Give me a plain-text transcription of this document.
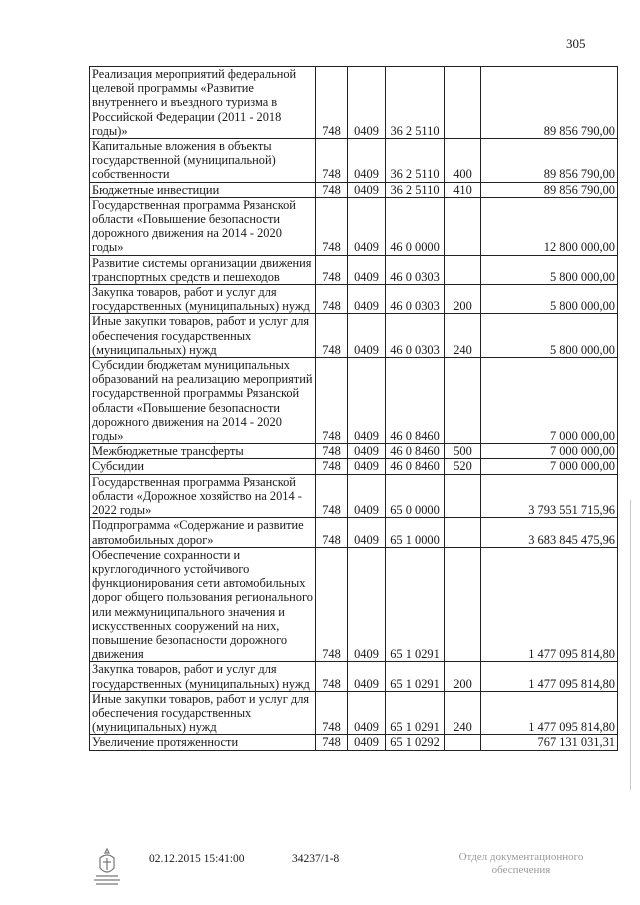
305
Реализация мероприятий федеральной целевой программы «Развитие внутреннего и въездного туризма в Российской Федерации (2011 - 2018 годы)»	748	0409	36 2 5110		89 856 790,00
Капитальные вложения в объекты государственной (муниципальной) собственности	748	0409	36 2 5110	400	89 856 790,00
Бюджетные инвестиции	748	0409	36 2 5110	410	89 856 790,00
Государственная программа Рязанской области «Повышение безопасности дорожного движения на 2014 - 2020 годы»	748	0409	46 0 0000		12 800 000,00
Развитие системы организации движения транспортных средств и пешеходов	748	0409	46 0 0303		5 800 000,00
Закупка товаров, работ и услуг для государственных (муниципальных) нужд	748	0409	46 0 0303	200	5 800 000,00
Иные закупки товаров, работ и услуг для обеспечения государственных (муниципальных) нужд	748	0409	46 0 0303	240	5 800 000,00
Субсидии бюджетам муниципальных образований на реализацию мероприятий государственной программы Рязанской области «Повышение безопасности дорожного движения на 2014 - 2020 годы»	748	0409	46 0 8460		7 000 000,00
Межбюджетные трансферты	748	0409	46 0 8460	500	7 000 000,00
Субсидии	748	0409	46 0 8460	520	7 000 000,00
Государственная программа Рязанской области «Дорожное хозяйство на 2014 - 2022 годы»	748	0409	65 0 0000		3 793 551 715,96
Подпрограмма «Содержание и развитие автомобильных дорог»	748	0409	65 1 0000		3 683 845 475,96
Обеспечение сохранности и круглогодичного устойчивого функционирования сети автомобильных дорог общего пользования регионального или межмуниципального значения и искусственных сооружений на них, повышение безопасности дорожного движения	748	0409	65 1 0291		1 477 095 814,80
Закупка товаров, работ и услуг для государственных (муниципальных) нужд	748	0409	65 1 0291	200	1 477 095 814,80
Иные закупки товаров, работ и услуг для обеспечения государственных (муниципальных) нужд	748	0409	65 1 0291	240	1 477 095 814,80
Увеличение протяженности	748	0409	65 1 0292		767 131 031,31
02.12.2015 15:41:00	34237/1-8	Отдел документационного
обеспечения
